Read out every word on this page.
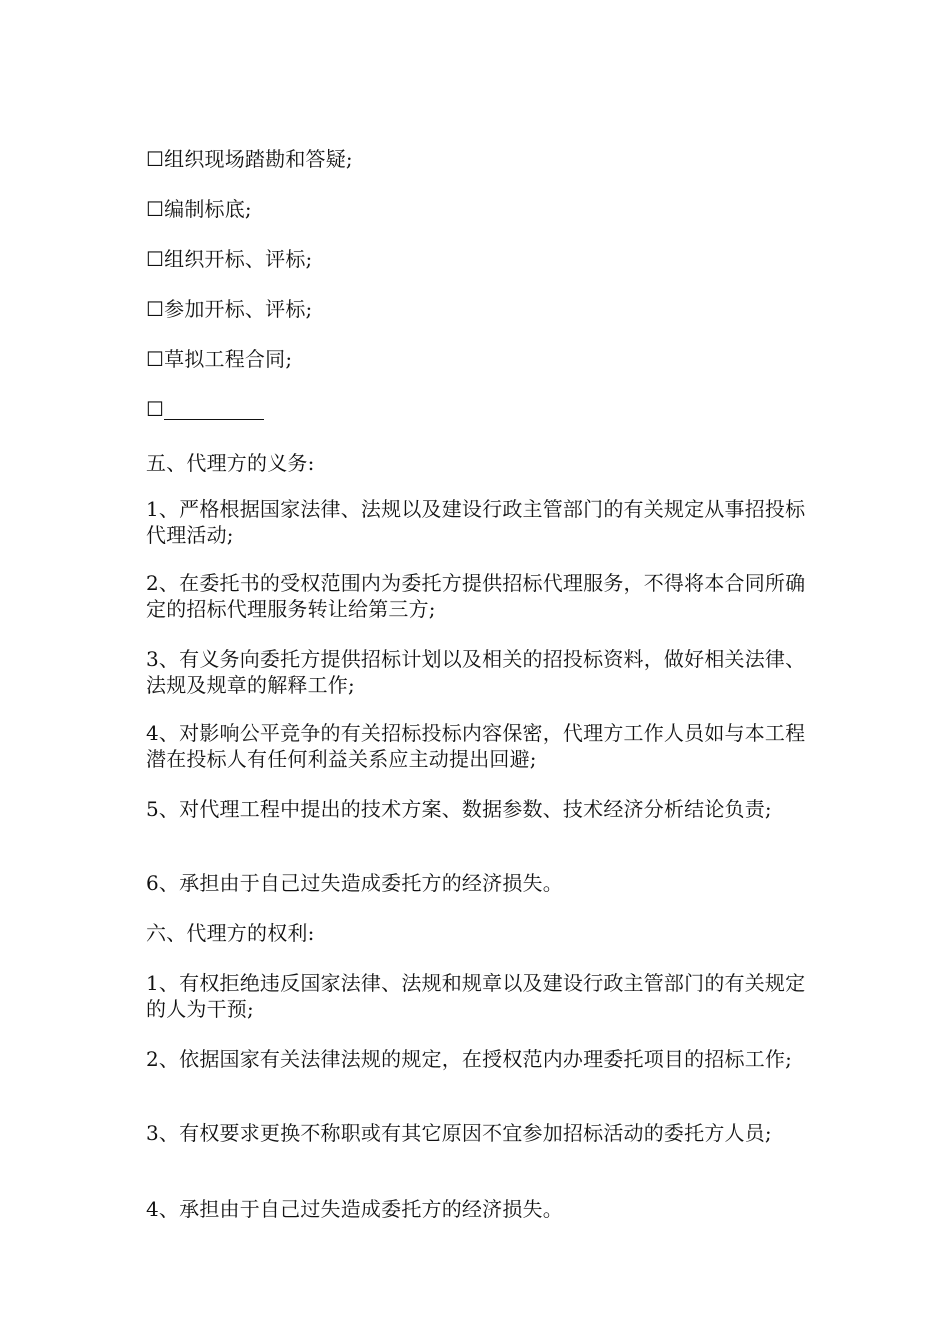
☐组织现场踏勘和答疑;

☐编制标底;

☐组织开标、评标;

☐参加开标、评标;

☐草拟工程合同;

☐

五、代理方的义务:

1、严格根据国家法律、法规以及建设行政主管部门的有关规定从事招投标代理活动;

2、在委托书的受权范围内为委托方提供招标代理服务，不得将本合同所确定的招标代理服务转让给第三方;

3、有义务向委托方提供招标计划以及相关的招投标资料，做好相关法律、法规及规章的解释工作;

4、对影响公平竞争的有关招标投标内容保密，代理方工作人员如与本工程潜在投标人有任何利益关系应主动提出回避;

5、对代理工程中提出的技术方案、数据参数、技术经济分析结论负责;

6、承担由于自己过失造成委托方的经济损失。

六、代理方的权利:

1、有权拒绝违反国家法律、法规和规章以及建设行政主管部门的有关规定的人为干预;

2、依据国家有关法律法规的规定，在授权范内办理委托项目的招标工作;

3、有权要求更换不称职或有其它原因不宜参加招标活动的委托方人员;

4、承担由于自己过失造成委托方的经济损失。
